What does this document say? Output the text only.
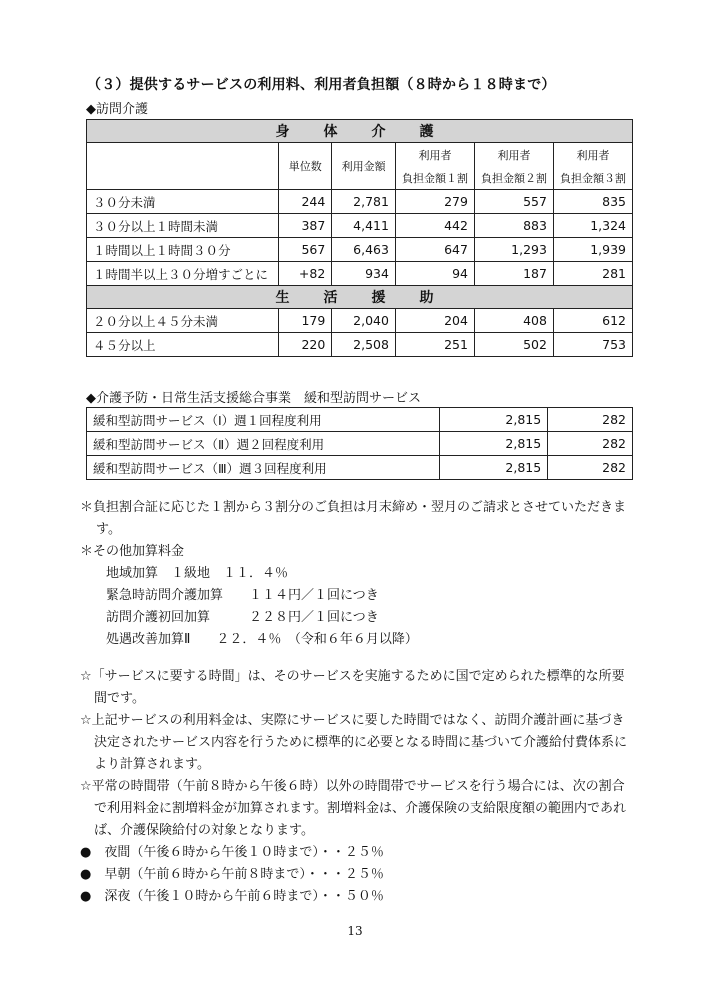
（３）提供するサービスの利用料、利用者負担額（８時から１８時まで）
◆訪問介護
身　体　介　護					
	単位数	利用金額	利用者	利用者	利用者
			負担金額１割	負担金額２割	負担金額３割
３０分未満	244	2,781	279	557	835
３０分以上１時間未満	387	4,411	442	883	1,324
１時間以上１時間３０分	567	6,463	647	1,293	1,939
１時間半以上３０分増すごとに	+82	934	94	187	281
生　活　援　助					
２０分以上４５分未満	179	2,040	204	408	612
４５分以上	220	2,508	251	502	753
◆介護予防・日常生活支援総合事業　緩和型訪問サービス
緩和型訪問サービス（Ⅰ）週１回程度利用	2,815	282
緩和型訪問サービス（Ⅱ）週２回程度利用	2,815	282
緩和型訪問サービス（Ⅲ）週３回程度利用	2,815	282
＊負担割合証に応じた１割から３割分のご負担は月末締め・翌月のご請求とさせていただきま
す。
＊その他加算料金
地域加算　１級地　１１．４％
緊急時訪問介護加算　　１１４円／１回につき
訪問介護初回加算　　　２２８円／１回につき
処遇改善加算Ⅱ　　２２．４％　（令和６年６月以降）
☆「サービスに要する時間」は、そのサービスを実施するために国で定められた標準的な所要
間です。
☆上記サービスの利用料金は、実際にサービスに要した時間ではなく、訪問介護計画に基づき
決定されたサービス内容を行うために標準的に必要となる時間に基づいて介護給付費体系に
より計算されます。
☆平常の時間帯（午前８時から午後６時）以外の時間帯でサービスを行う場合には、次の割合
で利用料金に割増料金が加算されます。割増料金は、介護保険の支給限度額の範囲内であれ
ば、介護保険給付の対象となります。
●　夜間（午後６時から午後１０時まで）・・２５％
●　早朝（午前６時から午前８時まで）・・・２５％
●　深夜（午後１０時から午前６時まで）・・５０％
13
